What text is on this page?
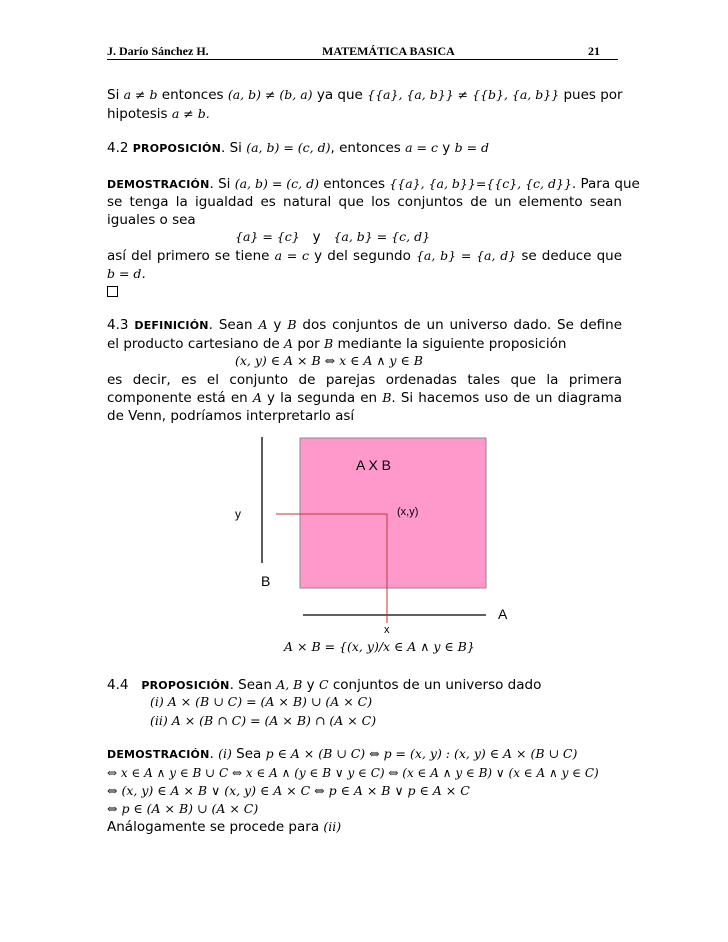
J. Darío Sánchez H.	MATEMÁTICA BASICA	21
Si a ≠ b entonces (a, b) ≠ (b, a) ya que {{a}, {a, b}} ≠ {{b}, {a, b}} pues por
hipotesis a ≠ b.
4.2 PROPOSICIÓN. Si (a, b) = (c, d), entonces a = c y b = d
DEMOSTRACIÓN. Si (a, b) = (c, d) entonces {{a}, {a, b}}={{c}, {c, d}}. Para que
se tenga la igualdad es natural que los conjuntos de un elemento sean
iguales o sea
{a} = {c} y {a, b} = {c, d}
así del primero se tiene a = c y del segundo {a, b} = {a, d} se deduce que
b = d.
4.3 DEFINICIÓN. Sean A y B dos conjuntos de un universo dado. Se define
el producto cartesiano de A por B mediante la siguiente proposición
(x, y) ∈ A × B ⇔ x ∈ A ∧ y ∈ B
es decir, es el conjunto de parejas ordenadas tales que la primera
componente está en A y la segunda en B. Si hacemos uso de un diagrama
de Venn, podríamos interpretarlo así
A X B
(x,y)
y
B
A
x
A × B = {(x, y)/x ∈ A ∧ y ∈ B}
4.4 PROPOSICIÓN. Sean A, B y C conjuntos de un universo dado
(i) A × (B ∪ C) = (A × B) ∪ (A × C)
(ii) A × (B ∩ C) = (A × B) ∩ (A × C)
DEMOSTRACIÓN. (i) Sea p ∈ A × (B ∪ C) ⇔ p = (x, y) : (x, y) ∈ A × (B ∪ C)
⇔ x ∈ A ∧ y ∈ B ∪ C ⇔ x ∈ A ∧ (y ∈ B ∨ y ∈ C) ⇔ (x ∈ A ∧ y ∈ B) ∨ (x ∈ A ∧ y ∈ C)
⇔ (x, y) ∈ A × B ∨ (x, y) ∈ A × C ⇔ p ∈ A × B ∨ p ∈ A × C
⇔ p ∈ (A × B) ∪ (A × C)
Análogamente se procede para (ii)
